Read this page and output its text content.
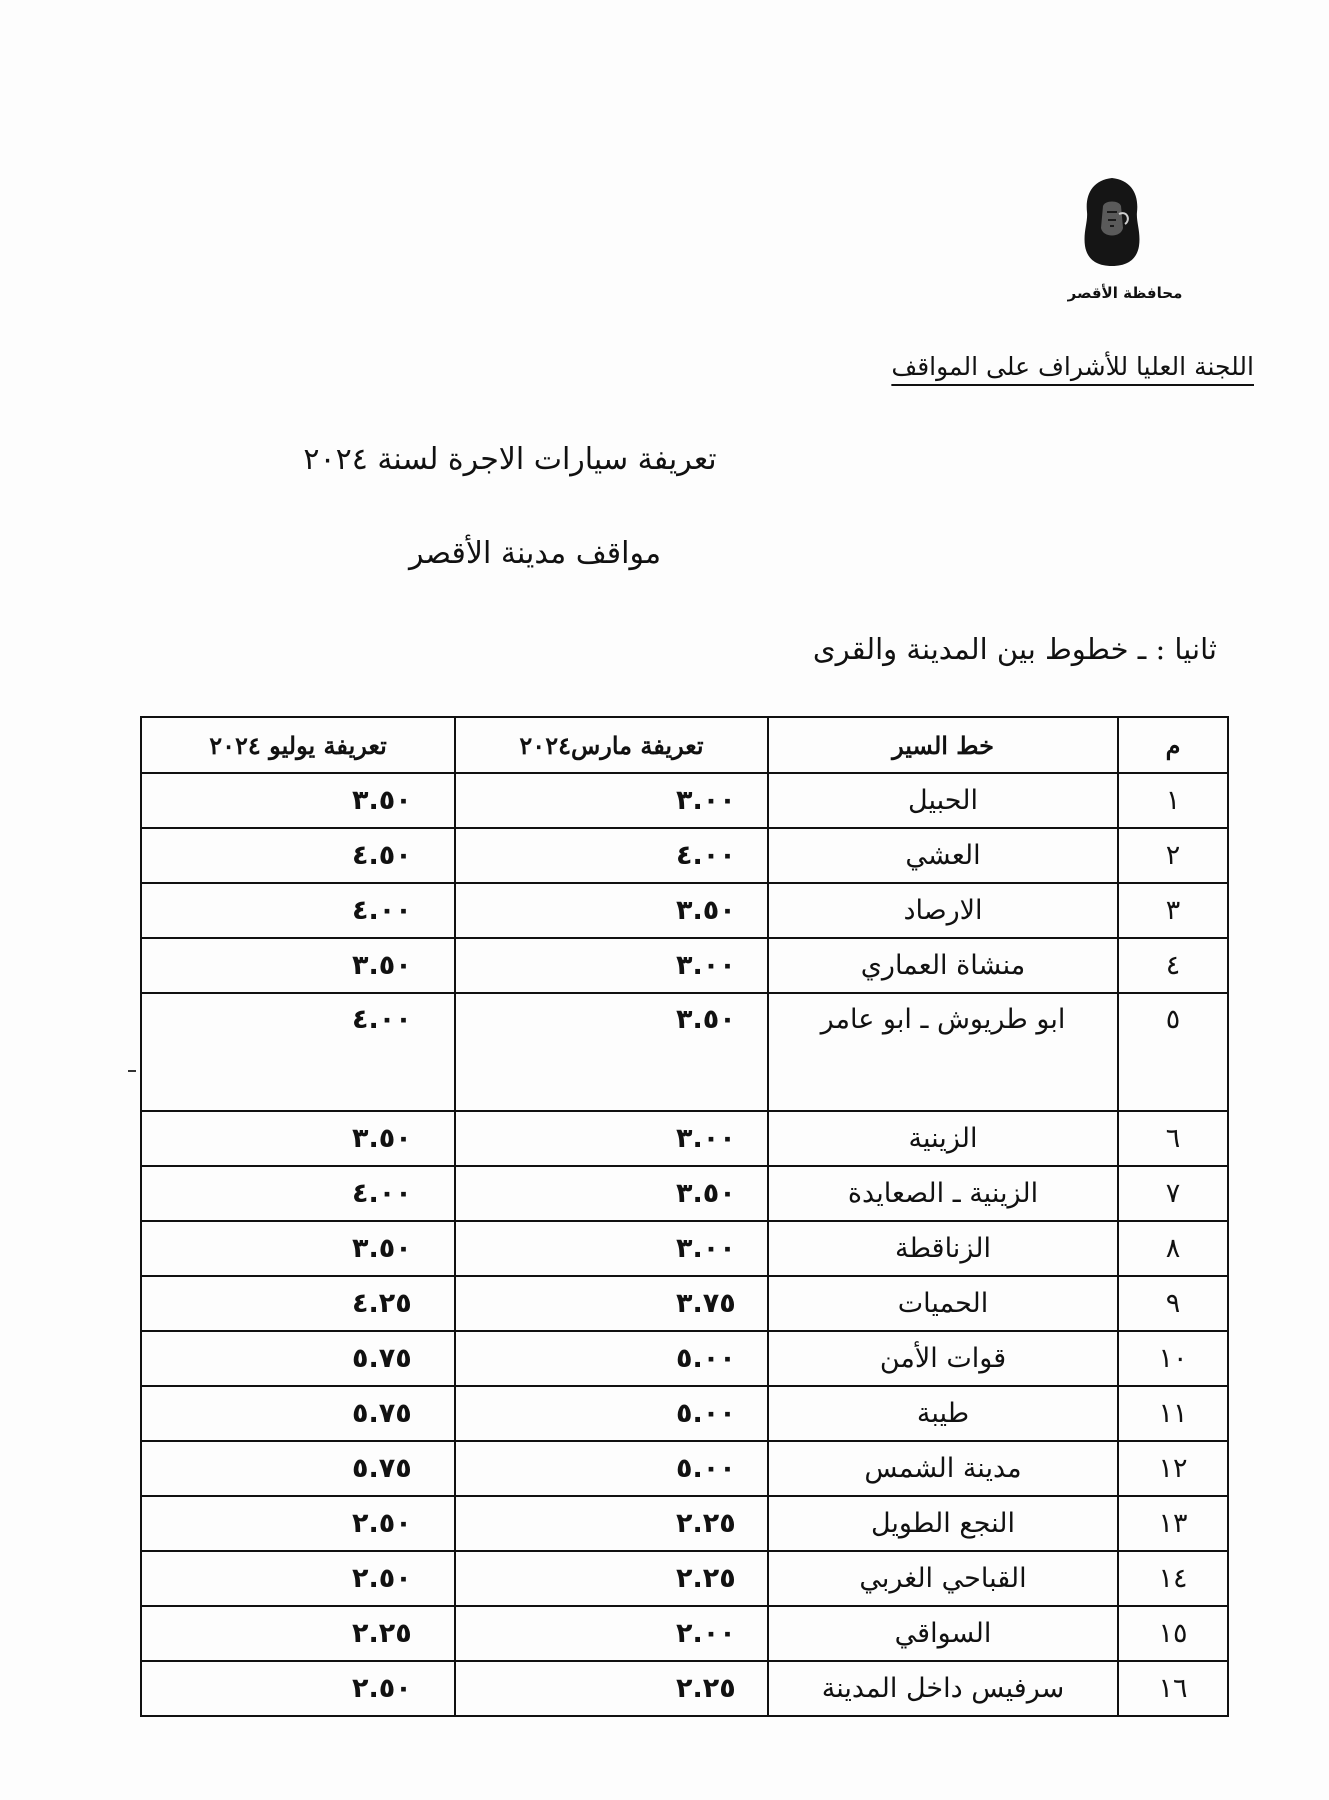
محافظة الأقصر
اللجنة العليا للأشراف على المواقف
تعريفة سيارات الاجرة لسنة ٢٠٢٤
مواقف مدينة الأقصر
ثانيا : ـ خطوط بين المدينة والقرى
م	خط السير	تعريفة مارس٢٠٢٤	تعريفة يوليو ٢٠٢٤
١	الحبيل	٣.٠٠	٣.٥٠
٢	العشي	٤.٠٠	٤.٥٠
٣	الارصاد	٣.٥٠	٤.٠٠
٤	منشاة العماري	٣.٠٠	٣.٥٠
٥	ابو طريوش ـ ابو عامر	٣.٥٠	٤.٠٠
٦	الزينية	٣.٠٠	٣.٥٠
٧	الزينية ـ الصعايدة	٣.٥٠	٤.٠٠
٨	الزناقطة	٣.٠٠	٣.٥٠
٩	الحميات	٣.٧٥	٤.٢٥
١٠	قوات الأمن	٥.٠٠	٥.٧٥
١١	طيبة	٥.٠٠	٥.٧٥
١٢	مدينة الشمس	٥.٠٠	٥.٧٥
١٣	النجع الطويل	٢.٢٥	٢.٥٠
١٤	القباحي الغربي	٢.٢٥	٢.٥٠
١٥	السواقي	٢.٠٠	٢.٢٥
١٦	سرفيس داخل المدينة	٢.٢٥	٢.٥٠
